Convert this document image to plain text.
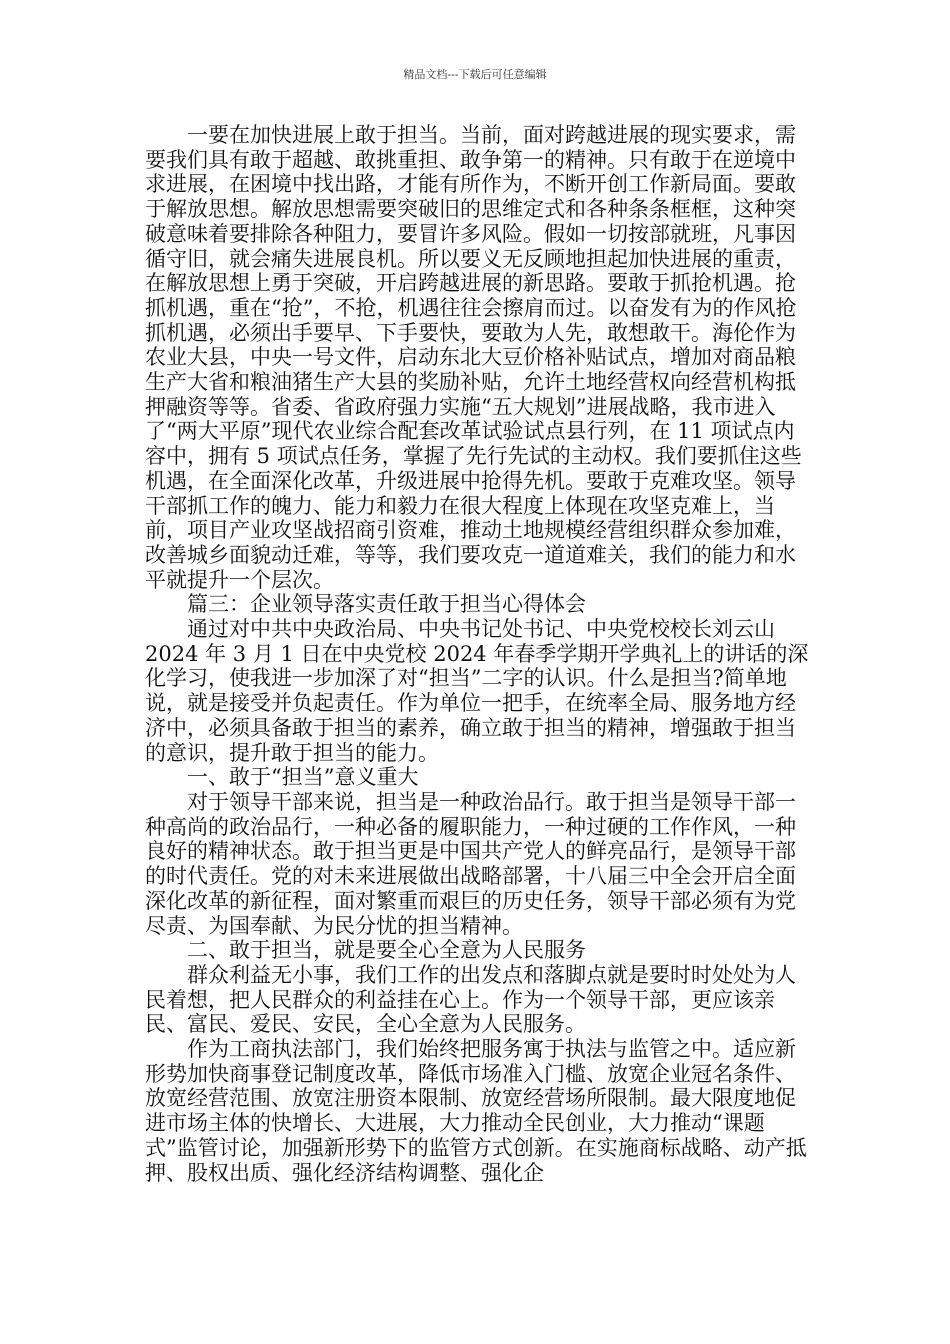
精品文档---下载后可任意编辑

一要在加快进展上敢于担当。当前，面对跨越进展的现实要求，需要我们具有敢于超越、敢挑重担、敢争第一的精神。只有敢于在逆境中求进展，在困境中找出路，才能有所作为，不断开创工作新局面。要敢于解放思想。解放思想需要突破旧的思维定式和各种条条框框，这种突破意味着要排除各种阻力，要冒许多风险。假如一切按部就班，凡事因循守旧，就会痛失进展良机。所以要义无反顾地担起加快进展的重责，在解放思想上勇于突破，开启跨越进展的新思路。要敢于抓抢机遇。抢抓机遇，重在“抢”，不抢，机遇往往会擦肩而过。以奋发有为的作风抢抓机遇，必须出手要早、下手要快，要敢为人先，敢想敢干。海伦作为农业大县，中央一号文件，启动东北大豆价格补贴试点，增加对商品粮生产大省和粮油猪生产大县的奖励补贴，允许土地经营权向经营机构抵押融资等等。省委、省政府强力实施“五大规划”进展战略，我市进入了“两大平原”现代农业综合配套改革试验试点县行列，在 11 项试点内容中，拥有 5 项试点任务，掌握了先行先试的主动权。我们要抓住这些机遇，在全面深化改革，升级进展中抢得先机。要敢于克难攻坚。领导干部抓工作的魄力、能力和毅力在很大程度上体现在攻坚克难上，当前，项目产业攻坚战招商引资难，推动土地规模经营组织群众参加难，改善城乡面貌动迁难，等等，我们要攻克一道道难关，我们的能力和水平就提升一个层次。

篇三：企业领导落实责任敢于担当心得体会

通过对中共中央政治局、中央书记处书记、中央党校校长刘云山 2024 年 3 月 1 日在中央党校 2024 年春季学期开学典礼上的讲话的深化学习，使我进一步加深了对“担当”二字的认识。什么是担当?简单地说，就是接受并负起责任。作为单位一把手，在统率全局、服务地方经济中，必须具备敢于担当的素养，确立敢于担当的精神，增强敢于担当的意识，提升敢于担当的能力。

一、敢于“担当”意义重大

对于领导干部来说，担当是一种政治品行。敢于担当是领导干部一种高尚的政治品行，一种必备的履职能力，一种过硬的工作作风，一种良好的精神状态。敢于担当更是中国共产党人的鲜亮品行，是领导干部的时代责任。党的对未来进展做出战略部署，十八届三中全会开启全面深化改革的新征程，面对繁重而艰巨的历史任务，领导干部必须有为党尽责、为国奉献、为民分忧的担当精神。

二、敢于担当，就是要全心全意为人民服务

群众利益无小事，我们工作的出发点和落脚点就是要时时处处为人民着想，把人民群众的利益挂在心上。作为一个领导干部，更应该亲民、富民、爱民、安民，全心全意为人民服务。

作为工商执法部门，我们始终把服务寓于执法与监管之中。适应新形势加快商事登记制度改革，降低市场准入门槛、放宽企业冠名条件、放宽经营范围、放宽注册资本限制、放宽经营场所限制。最大限度地促进市场主体的快增长、大进展，大力推动全民创业，大力推动“课题式”监管讨论，加强新形势下的监管方式创新。在实施商标战略、动产抵押、股权出质、强化经济结构调整、强化企
